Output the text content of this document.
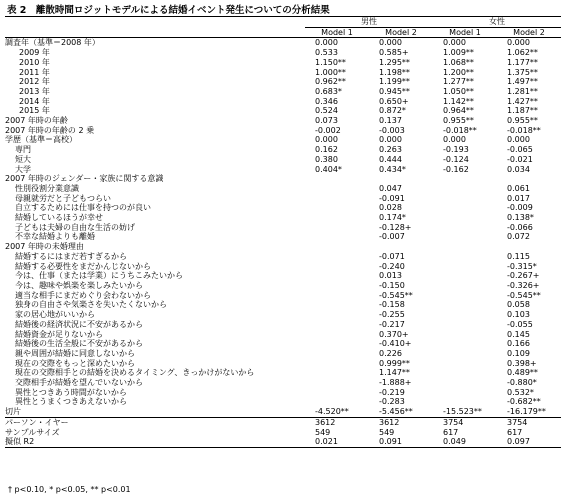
表 2　離散時間ロジットモデルによる結婚イベント発生についての分析結果
	男性		女性	
	Model 1	Model 2	Model 1	Model 2
調査年（基準＝2008 年）	0.000	0.000	0.000	0.000
2009 年	0.533	0.585+	1.009**	1.062**
2010 年	1.150**	1.295**	1.068**	1.177**
2011 年	1.000**	1.198**	1.200**	1.375**
2012 年	0.962**	1.199**	1.277**	1.497**
2013 年	0.683*	0.945**	1.050**	1.281**
2014 年	0.346	0.650+	1.142**	1.427**
2015 年	0.524	0.872*	0.964**	1.187**
2007 年時の年齢	0.073	0.137	0.955**	0.955**
2007 年時の年齢の 2 乗	-0.002	-0.003	-0.018**	-0.018**
学歴（基準＝高校）	0.000	0.000	0.000	0.000
専門	0.162	0.263	-0.193	-0.065
短大	0.380	0.444	-0.124	-0.021
大学	0.404*	0.434*	-0.162	0.034
2007 年時のジェンダー・家族に関する意識				
性別役割分業意識		0.047		0.061
母親就労だと子どもつらい		-0.091		0.017
自立するためには仕事を持つのが良い		0.028		-0.009
結婚しているほうが幸せ		0.174*		0.138*
子どもは夫婦の自由な生活の妨げ		-0.128+		-0.066
不幸な結婚よりも離婚		-0.007		0.072
2007 年時の未婚理由				
結婚するにはまだ若すぎるから		-0.071		0.115
結婚する必要性をまだかんじないから		-0.240		-0.315*
今は、仕事（または学業）にうちこみたいから		0.013		-0.267+
今は、趣味や娯楽を楽しみたいから		-0.150		-0.326+
適当な相手にまだめぐり会わないから		-0.545**		-0.545**
独身の自由さや気楽さを失いたくないから		-0.158		0.058
家の居心地がいいから		-0.255		0.103
結婚後の経済状況に不安があるから		-0.217		-0.055
結婚資金が足りないから		0.370+		0.145
結婚後の生活全般に不安があるから		-0.410+		0.166
親や周囲が結婚に同意しないから		0.226		0.109
現在の交際をもっと深めたいから		0.999**		0.398+
現在の交際相手との結婚を決めるタイミング、きっかけがないから		1.147**		0.489**
交際相手が結婚を望んでいないから		-1.888+		-0.880*
異性とつきあう時間がないから		-0.219		0.532*
異性とうまくつきあえないから		-0.283		-0.682**
切片	-4.520**	-5.456**	-15.523**	-16.179**
パーソン・イヤー	3612	3612	3754	3754
サンプルサイズ	549	549	617	617
擬似 R2	0.021	0.091	0.049	0.097
† p<0.10, * p<0.05, ** p<0.01
